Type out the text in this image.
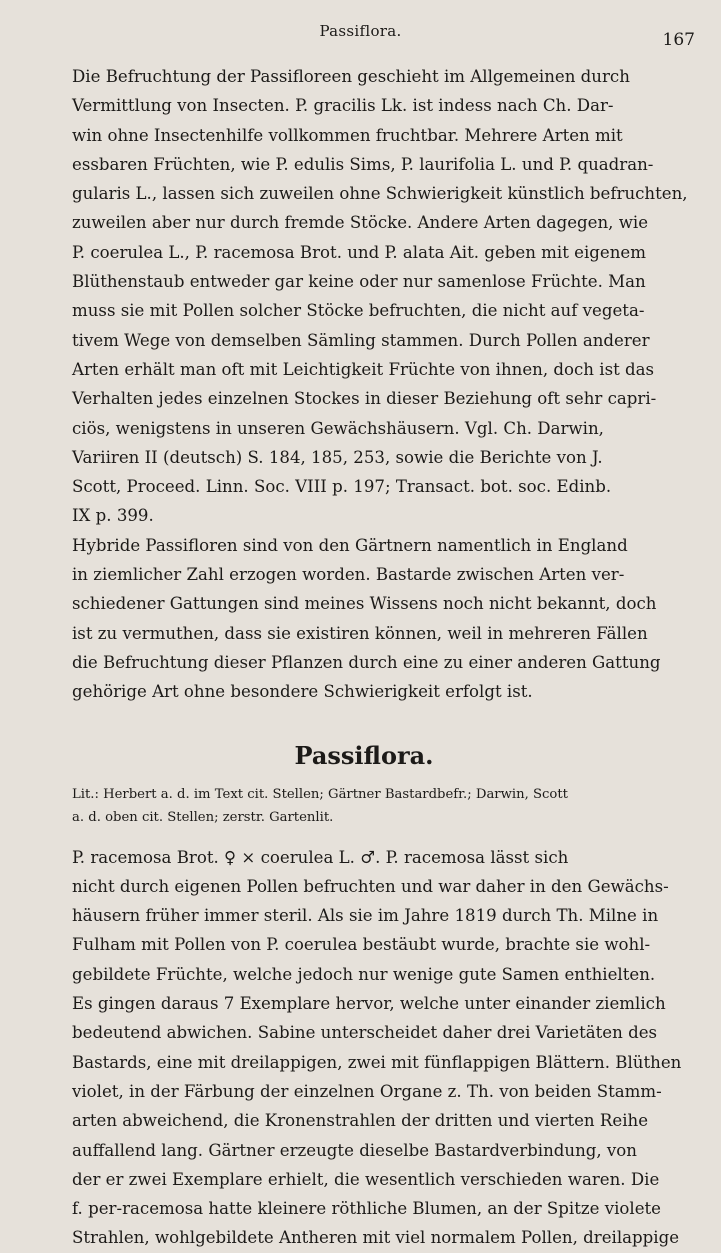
Passiflora.	167

Die Befruchtung der Passifloreen geschieht im Allgemeinen durch
Vermittlung von Insecten. P. gracilis Lk. ist indess nach Ch. Dar-
win ohne Insectenhilfe vollkommen fruchtbar. Mehrere Arten mit
essbaren Früchten, wie P. edulis Sims, P. laurifolia L. und P. quadran-
gularis L., lassen sich zuweilen ohne Schwierigkeit künstlich befruchten,
zuweilen aber nur durch fremde Stöcke. Andere Arten dagegen, wie
P. coerulea L., P. racemosa Brot. und P. alata Ait. geben mit eigenem
Blüthenstaub entweder gar keine oder nur samenlose Früchte. Man
muss sie mit Pollen solcher Stöcke befruchten, die nicht auf vegeta-
tivem Wege von demselben Sämling stammen. Durch Pollen anderer
Arten erhält man oft mit Leichtigkeit Früchte von ihnen, doch ist das
Verhalten jedes einzelnen Stockes in dieser Beziehung oft sehr capri-
ciös, wenigstens in unseren Gewächshäusern. Vgl. Ch. Darwin,
Variiren II (deutsch) S. 184, 185, 253, sowie die Berichte von J.
Scott, Proceed. Linn. Soc. VIII p. 197; Transact. bot. soc. Edinb.
IX p. 399.

Hybride Passifloren sind von den Gärtnern namentlich in England
in ziemlicher Zahl erzogen worden. Bastarde zwischen Arten ver-
schiedener Gattungen sind meines Wissens noch nicht bekannt, doch
ist zu vermuthen, dass sie existiren können, weil in mehreren Fällen
die Befruchtung dieser Pflanzen durch eine zu einer anderen Gattung
gehörige Art ohne besondere Schwierigkeit erfolgt ist.

Passiflora.

Lit.: Herbert a. d. im Text cit. Stellen; Gärtner Bastardbefr.; Darwin, Scott
a. d. oben cit. Stellen; zerstr. Gartenlit.

P. racemosa Brot. ♀ ⨯ coerulea L. ♂. P. racemosa lässt sich
nicht durch eigenen Pollen befruchten und war daher in den Gewächs-
häusern früher immer steril. Als sie im Jahre 1819 durch Th. Milne in
Fulham mit Pollen von P. coerulea bestäubt wurde, brachte sie wohl-
gebildete Früchte, welche jedoch nur wenige gute Samen enthielten.
Es gingen daraus 7 Exemplare hervor, welche unter einander ziemlich
bedeutend abwichen. Sabine unterscheidet daher drei Varietäten des
Bastards, eine mit dreilappigen, zwei mit fünflappigen Blättern. Blüthen
violet, in der Färbung der einzelnen Organe z. Th. von beiden Stamm-
arten abweichend, die Kronenstrahlen der dritten und vierten Reihe
auffallend lang. Gärtner erzeugte dieselbe Bastardverbindung, von
der er zwei Exemplare erhielt, die wesentlich verschieden waren. Die
f. per-racemosa hatte kleinere röthliche Blumen, an der Spitze violete
Strahlen, wohlgebildete Antheren mit viel normalem Pollen, dreilappige
